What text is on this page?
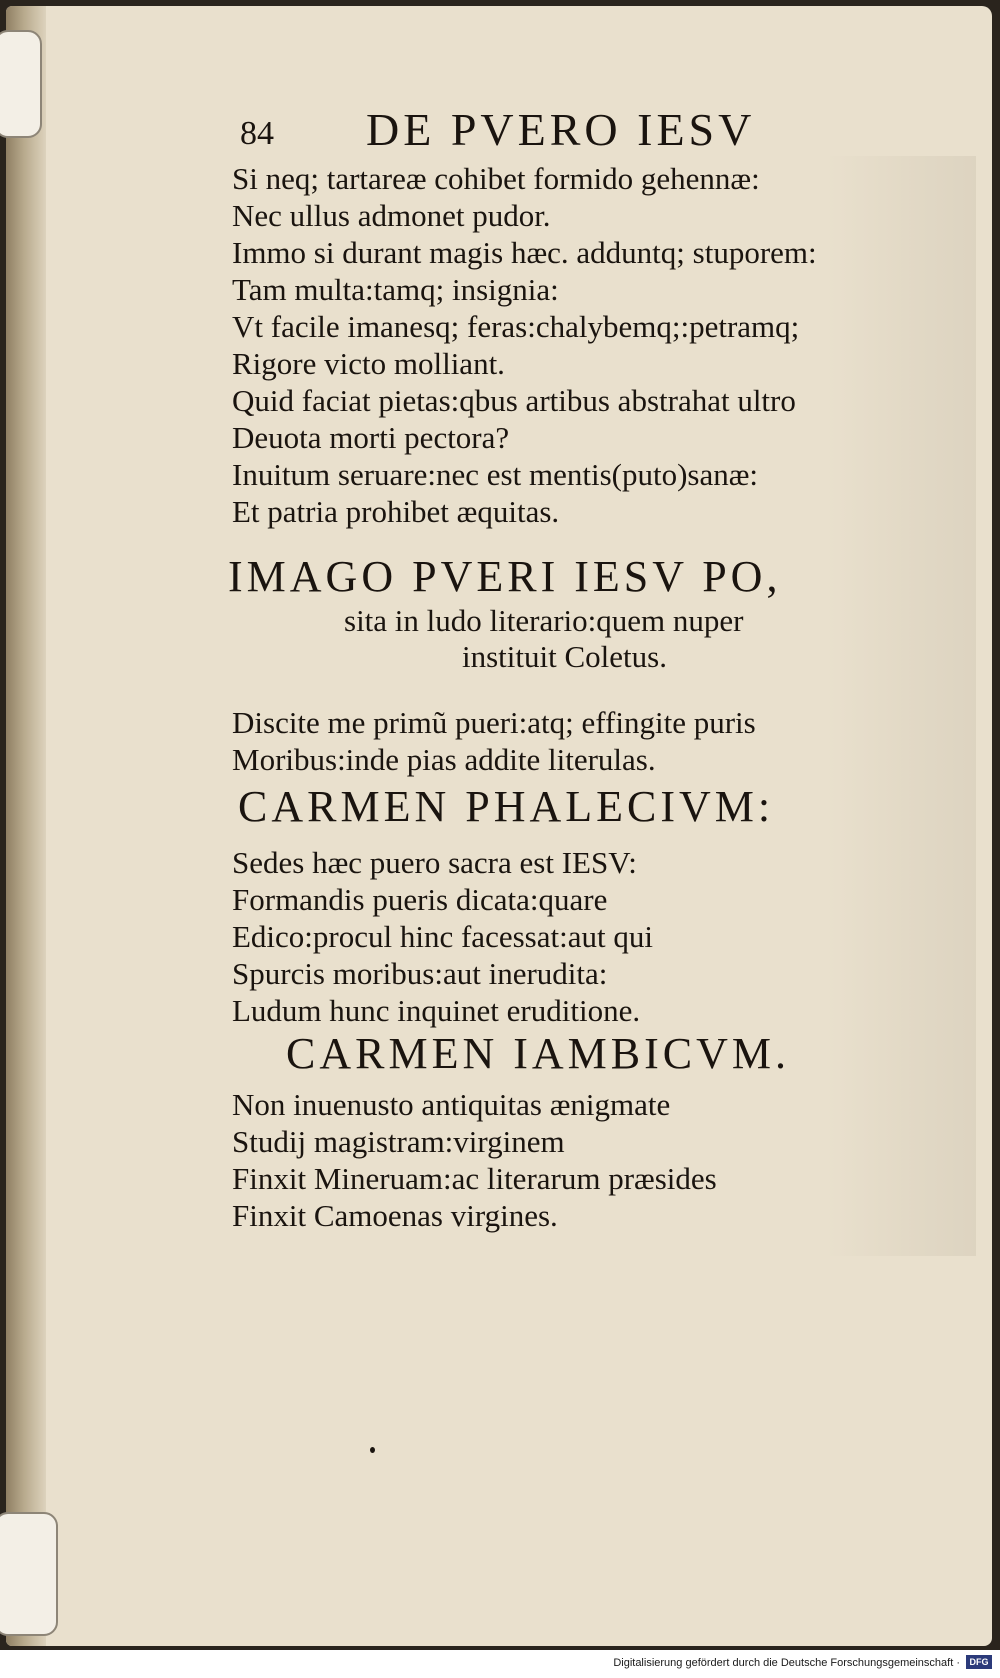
84 DE PVERO IESV
Si neq; tartareæ cohibet formido gehennæ:
Nec ullus admonet pudor.
Immo si durant magis hæc. adduntq; stuporem:
Tam multa:tamq; insignia:
Vt facile imanesq; feras:chalybemq;:petramq;
Rigore victo molliant.
Quid faciat pietas:qbus artibus abstrahat ultro
Deuota morti pectora?
Inuitum seruare:nec est mentis(puto)sanæ:
Et patria prohibet æquitas.
IMAGO PVERI IESV PO,
sita in ludo literario:quem nuper
instituit Coletus.
Discite me primũ pueri:atq; effingite puris
Moribus:inde pias addite literulas.
CARMEN PHALECIVM:
Sedes hæc puero sacra est IESV:
Formandis pueris dicata:quare
Edico:procul hinc facessat:aut qui
Spurcis moribus:aut inerudita:
Ludum hunc inquinet eruditione.
CARMEN IAMBICVM.
Non inuenusto antiquitas ænigmate
Studij magistram:virginem
Finxit Mineruam:ac literarum præsides
Finxit Camoenas virgines.
Digitalisierung gefördert durch die Deutsche Forschungsgemeinschaft ·	DFG
